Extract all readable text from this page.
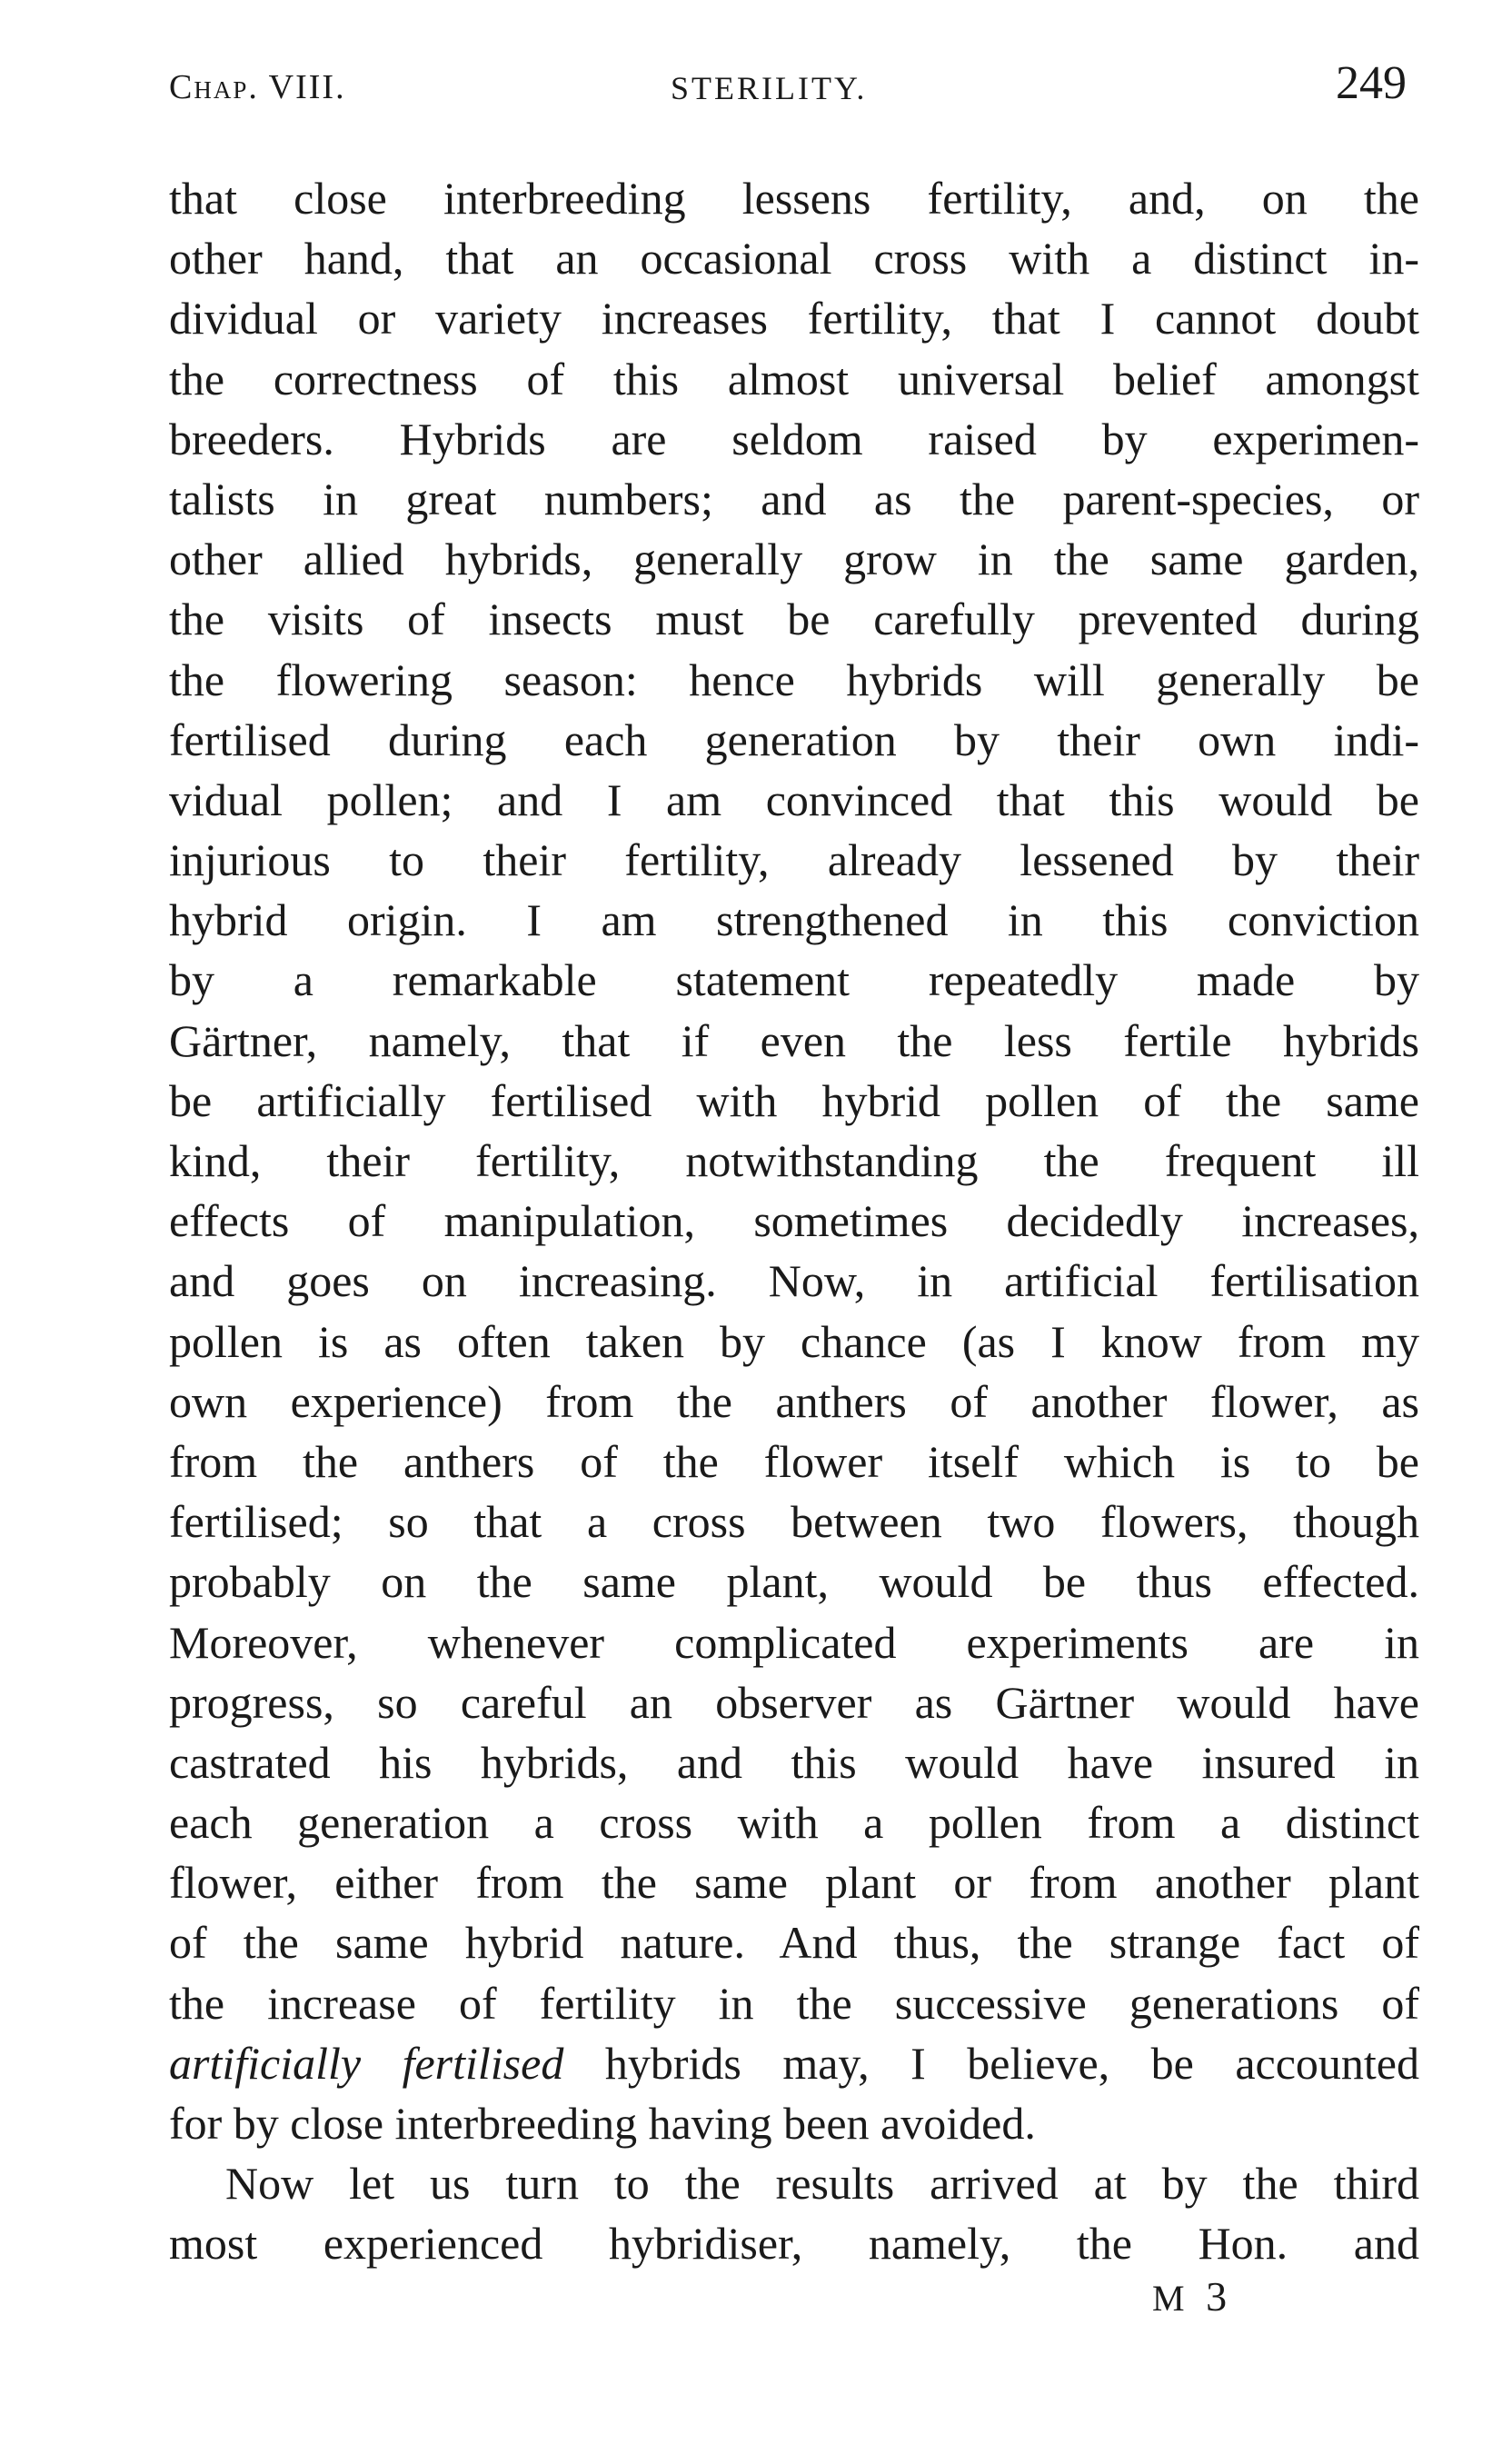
Chap. VIII.	STERILITY.	249
that close interbreeding lessens fertility, and, on the
other hand, that an occasional cross with a distinct in-
dividual or variety increases fertility, that I cannot doubt
the correctness of this almost universal belief amongst
breeders. Hybrids are seldom raised by experimen-
talists in great numbers; and as the parent-species, or
other allied hybrids, generally grow in the same garden,
the visits of insects must be carefully prevented during
the flowering season: hence hybrids will generally be
fertilised during each generation by their own indi-
vidual pollen; and I am convinced that this would be
injurious to their fertility, already lessened by their
hybrid origin. I am strengthened in this conviction
by a remarkable statement repeatedly made by
Gärtner, namely, that if even the less fertile hybrids
be artificially fertilised with hybrid pollen of the same
kind, their fertility, notwithstanding the frequent ill
effects of manipulation, sometimes decidedly increases,
and goes on increasing. Now, in artificial fertilisation
pollen is as often taken by chance (as I know from my
own experience) from the anthers of another flower, as
from the anthers of the flower itself which is to be
fertilised; so that a cross between two flowers, though
probably on the same plant, would be thus effected.
Moreover, whenever complicated experiments are in
progress, so careful an observer as Gärtner would have
castrated his hybrids, and this would have insured in
each generation a cross with a pollen from a distinct
flower, either from the same plant or from another plant
of the same hybrid nature. And thus, the strange fact of
the increase of fertility in the successive generations of
artificially fertilised hybrids may, I believe, be accounted
for by close interbreeding having been avoided.
Now let us turn to the results arrived at by the third
most experienced hybridiser, namely, the Hon. and
M 3
